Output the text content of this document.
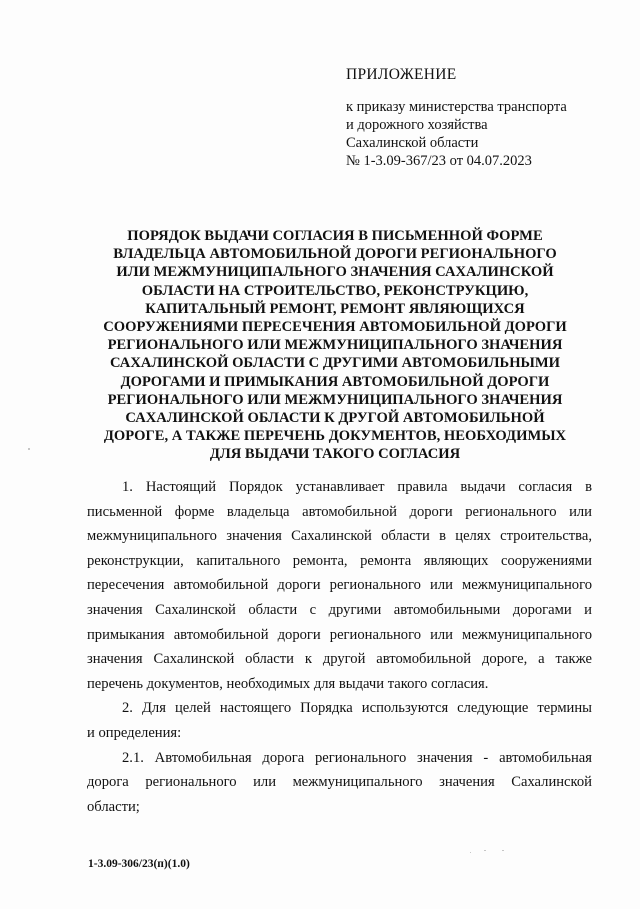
ПРИЛОЖЕНИЕ

к приказу министерства транспорта

и дорожного хозяйства

Сахалинской области

№ 1-3.09-367/23 от 04.07.2023

ПОРЯДОК ВЫДАЧИ СОГЛАСИЯ В ПИСЬМЕННОЙ ФОРМЕ
ВЛАДЕЛЬЦА АВТОМОБИЛЬНОЙ ДОРОГИ РЕГИОНАЛЬНОГО
ИЛИ МЕЖМУНИЦИПАЛЬНОГО ЗНАЧЕНИЯ САХАЛИНСКОЙ
ОБЛАСТИ НА СТРОИТЕЛЬСТВО, РЕКОНСТРУКЦИЮ,
КАПИТАЛЬНЫЙ РЕМОНТ, РЕМОНТ ЯВЛЯЮЩИХСЯ
СООРУЖЕНИЯМИ ПЕРЕСЕЧЕНИЯ АВТОМОБИЛЬНОЙ ДОРОГИ
РЕГИОНАЛЬНОГО ИЛИ МЕЖМУНИЦИПАЛЬНОГО ЗНАЧЕНИЯ
САХАЛИНСКОЙ ОБЛАСТИ С ДРУГИМИ АВТОМОБИЛЬНЫМИ
ДОРОГАМИ И ПРИМЫКАНИЯ АВТОМОБИЛЬНОЙ ДОРОГИ
РЕГИОНАЛЬНОГО ИЛИ МЕЖМУНИЦИПАЛЬНОГО ЗНАЧЕНИЯ
САХАЛИНСКОЙ ОБЛАСТИ К ДРУГОЙ АВТОМОБИЛЬНОЙ
ДОРОГЕ, А ТАКЖЕ ПЕРЕЧЕНЬ ДОКУМЕНТОВ, НЕОБХОДИМЫХ
ДЛЯ ВЫДАЧИ ТАКОГО СОГЛАСИЯ

1. Настоящий Порядок устанавливает правила выдачи согласия в
письменной форме владельца автомобильной дороги регионального или
межмуниципального значения Сахалинской области в целях строительства,
реконструкции, капитального ремонта, ремонта являющих сооружениями
пересечения автомобильной дороги регионального или межмуниципального
значения Сахалинской области с другими автомобильными дорогами и
примыкания автомобильной дороги регионального или межмуниципального
значения Сахалинской области к другой автомобильной дороге, а также
перечень документов, необходимых для выдачи такого согласия.

2. Для целей настоящего Порядка используются следующие термины
и определения:

2.1. Автомобильная дорога регионального значения - автомобильная
дорога регионального или межмуниципального значения Сахалинской
области;

1-3.09-306/23(п)(1.0)
